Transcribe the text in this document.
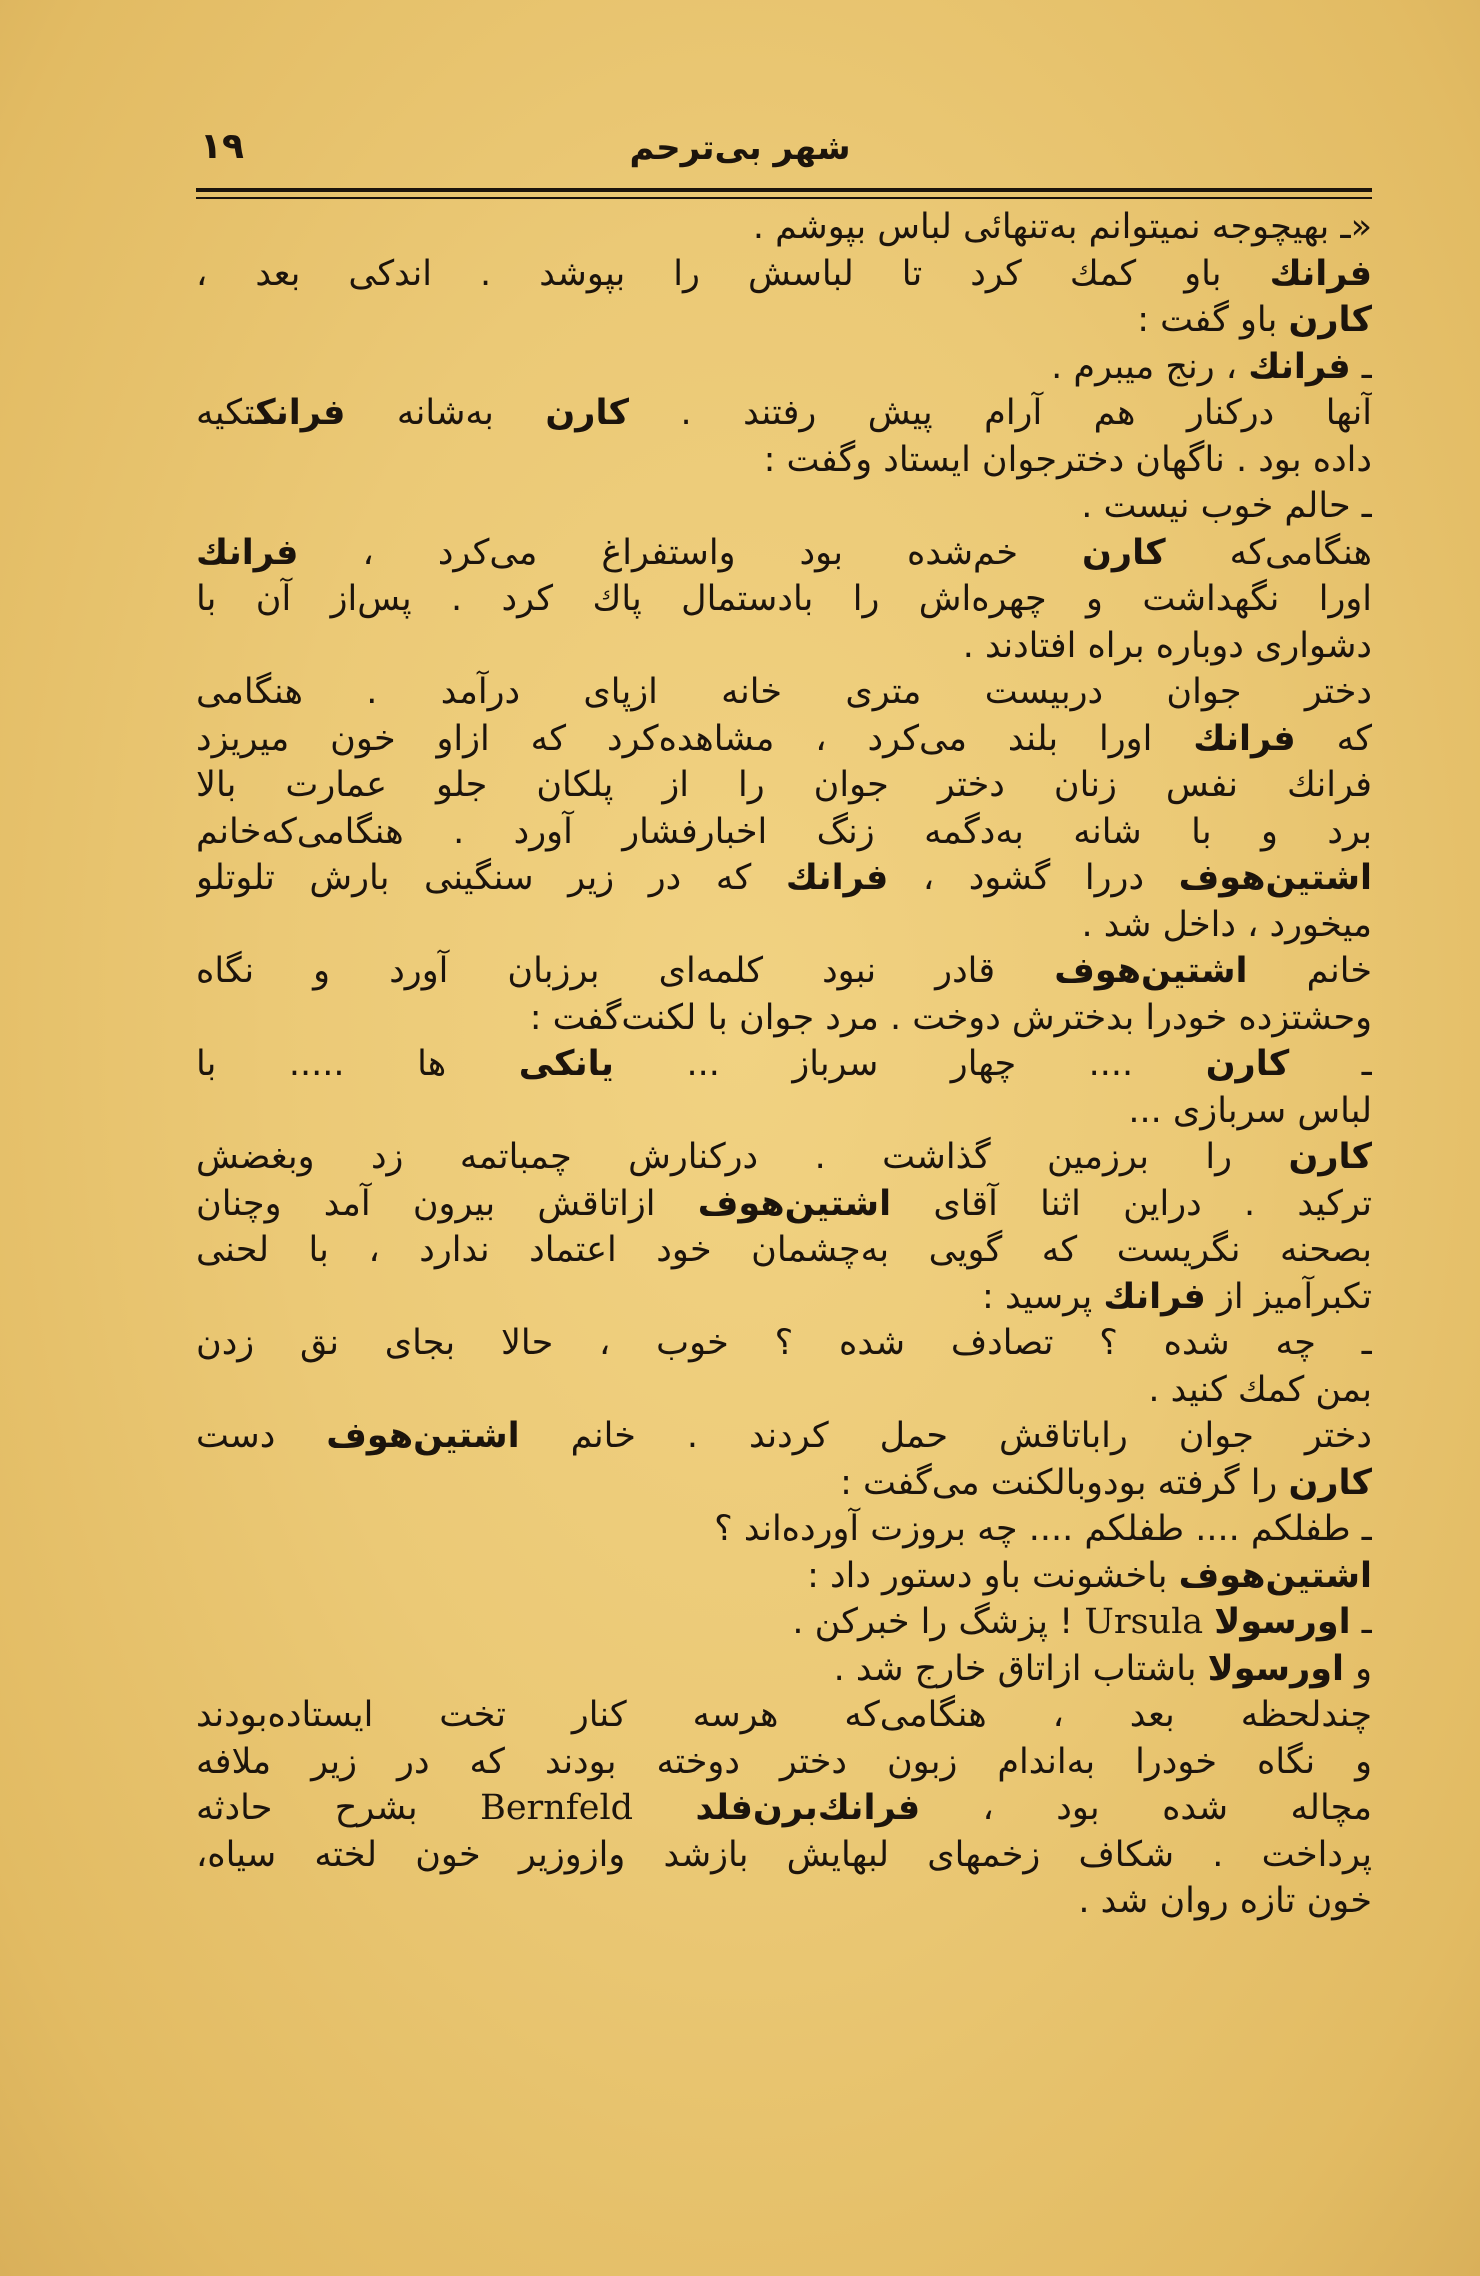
١٩	شهر بی‌ترحم
«ـ بهیچوجه نمیتوانم به‌تنهائی لباس بپوشم .
فرانك باو کمك کرد تا لباسش را بپوشد . اندکی بعد ،
کارن باو گفت :
ـ فرانك ، رنج میبرم .
آنها درکنار هم آرام پیش رفتند . کارن به‌شانه فرانكتکیه
داده بود . ناگهان دخترجوان ایستاد وگفت :
ـ حالم خوب نیست .
هنگامی‌که کارن خم‌شده بود واستفراغ می‌کرد ، فرانك
اورا نگهداشت و چهره‌اش را بادستمال پاك کرد . پس‌از آن با
دشواری دوباره براه افتادند .
دختر جوان دربیست متری خانه ازپای درآمد . هنگامی
که فرانك اورا بلند می‌کرد ، مشاهده‌کرد که ازاو خون میریزد
فرانك نفس زنان دختر جوان را از پلکان جلو عمارت بالا
برد و با شانه به‌دگمه زنگ اخبارفشار آورد . هنگامی‌که‌خانم
اشتین‌هوف دررا گشود ، فرانك که در زیر سنگینی بارش تلوتلو
میخورد ، داخل شد .
خانم اشتین‌هوف قادر نبود کلمه‌ای برزبان آورد و نگاه
وحشتزده خودرا بدخترش دوخت . مرد جوان با لکنت‌گفت :
ـ کارن .... چهار سرباز ... یانکی ها ..... با
لباس سربازی ...
کارن را برزمین گذاشت . درکنارش چمباتمه زد وبغضش
ترکید . دراین اثنا آقای اشتین‌هوف ازاتاقش بیرون آمد وچنان
بصحنه نگریست که گویی به‌چشمان خود اعتماد ندارد ، با لحنی
تکبرآمیز از فرانك پرسید :
ـ چه شده ؟ تصادف شده ؟ خوب ، حالا بجای نق زدن
بمن کمك کنید .
دختر جوان راباتاقش حمل کردند . خانم اشتین‌هوف دست
کارن را گرفته بودوبالکنت می‌گفت :
ـ طفلکم .... طفلکم .... چه بروزت آورده‌اند ؟
اشتین‌هوف باخشونت باو دستور داد :
ـ اورسولا Ursula ! پزشگ را خبرکن .
و اورسولا باشتاب ازاتاق خارج شد .
چندلحظه بعد ، هنگامی‌که هرسه کنار تخت ایستاده‌بودند
و نگاه خودرا به‌اندام زبون دختر دوخته بودند که در زیر ملافه
مچاله شده بود ، فرانك‌برن‌فلد Bernfeld بشرح حادثه
پرداخت . شکاف زخمهای لبهایش بازشد وازوزیر خون لخته سیاه،
خون تازه روان شد .
